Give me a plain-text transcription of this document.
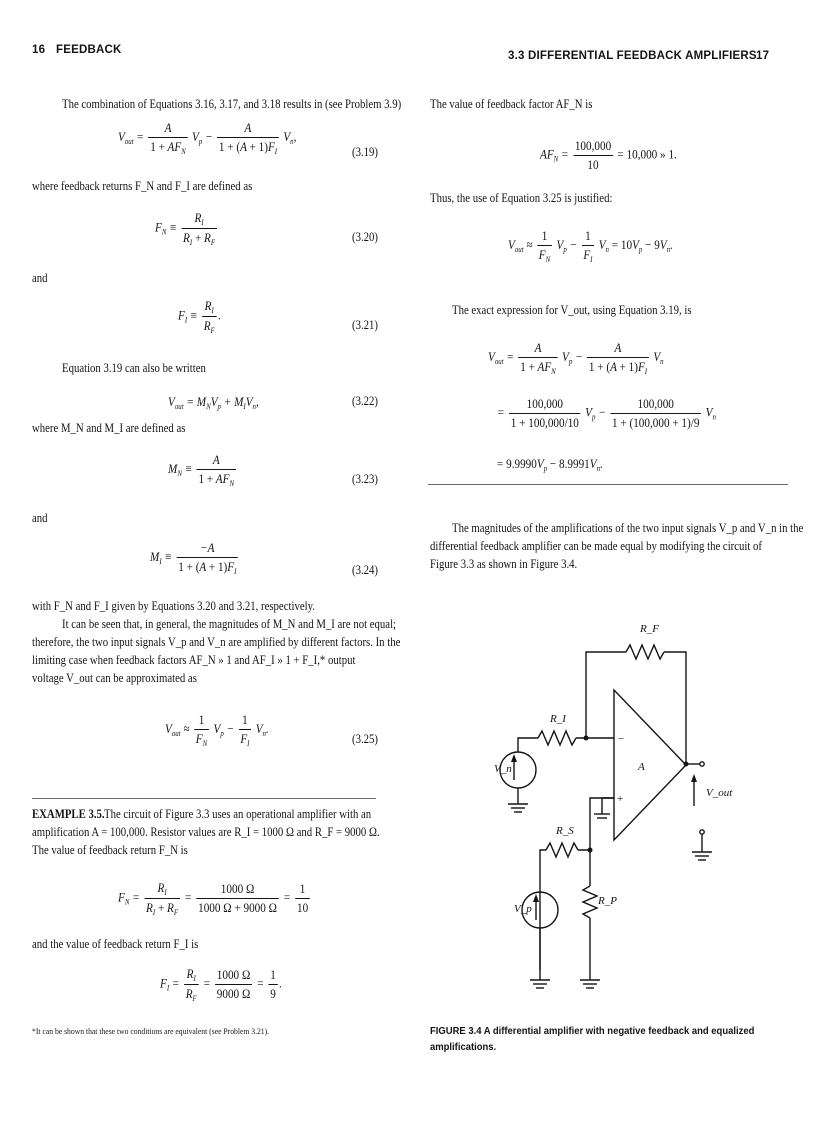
16 FEEDBACK	3.3 DIFFERENTIAL FEEDBACK AMPLIFIERS 17
The combination of Equations 3.16, 3.17, and 3.18 results in (see Problem 3.9)
$V_{out} = \frac{A}{1 + AF_N} V_p - \frac{A}{1 + (A + 1)F_I} V_n$,
(3.19)
where feedback returns F_N and F_I are defined as
$F_N \equiv \frac{R_I}{R_I + R_F}$	(3.20)
and
$F_I \equiv \frac{R_I}{R_F}$ .
(3.21)
Equation 3.19 can also be written
$V_{out} = M_NV_p + M_IV_n$,	(3.22)
where M_N and M_I are defined as
$M_N \equiv \frac{A}{1 + AF_N}$	(3.23)
and
$M_I \equiv \frac{-A}{1 + (A + 1)F_I}$	(3.24)
with F_N and F_I given by Equations 3.20 and 3.21, respectively.
It can be seen that, in general, the magnitudes of M_N and M_I are not equal;
therefore, the two input signals V_p and V_n are amplified by different factors. In the
limiting case when feedback factors AF_N » 1 and AF_I » 1 + F_I,* output
voltage V_out can be approximated as
$V_{out} \approx \frac{1}{F_N} V_p - \frac{1}{F_I} V_n$.
(3.25)
EXAMPLE 3.5. The circuit of Figure 3.3 uses an operational amplifier with an
amplification A = 100,000. Resistor values are R_I = 1000 Ω and R_F = 9000 Ω.
The value of feedback return F_N is
$F_N = \frac{R_I}{R_I + R_F} = \frac{1000 \Omega}{1000 \Omega + 9000 \Omega} = \frac{1}{10}$
and the value of feedback return F_I is
$F_I = \frac{R_I}{R_F} = \frac{1000 \Omega}{9000 \Omega} = \frac{1}{9}$ .
*It can be shown that these two conditions are equivalent (see Problem 3.21).
The value of feedback factor AF_N is
$AF_N = \frac{100,000}{10} = 10,000$ » 1.
Thus, the use of Equation 3.25 is justified:
$V_{out} \approx \frac{1}{F_N} V_p - \frac{1}{F_I} V_n = 10V_p - 9V_n$.
The exact expression for V_out, using Equation 3.19, is
$V_{out} = \frac{A}{1 + AF_N} V_p - \frac{A}{1 + (A + 1)F_I} V_n$
= $\frac{100,000}{1 + 100,000/10} V_p - \frac{100,000}{1 + (100,000 + 1)/9} V_n$
= $9.9990V_p - 8.9991V_n$.
The magnitudes of the amplifications of the two input signals V_p and V_n in the
differential feedback amplifier can be made equal by modifying the circuit of
Figure 3.3 as shown in Figure 3.4.
R_F
R_I
R_S
R_P
V_n
V_p
A
V_out
−
+
FIGURE 3.4 A differential amplifier with negative feedback and equalized
amplifications.
